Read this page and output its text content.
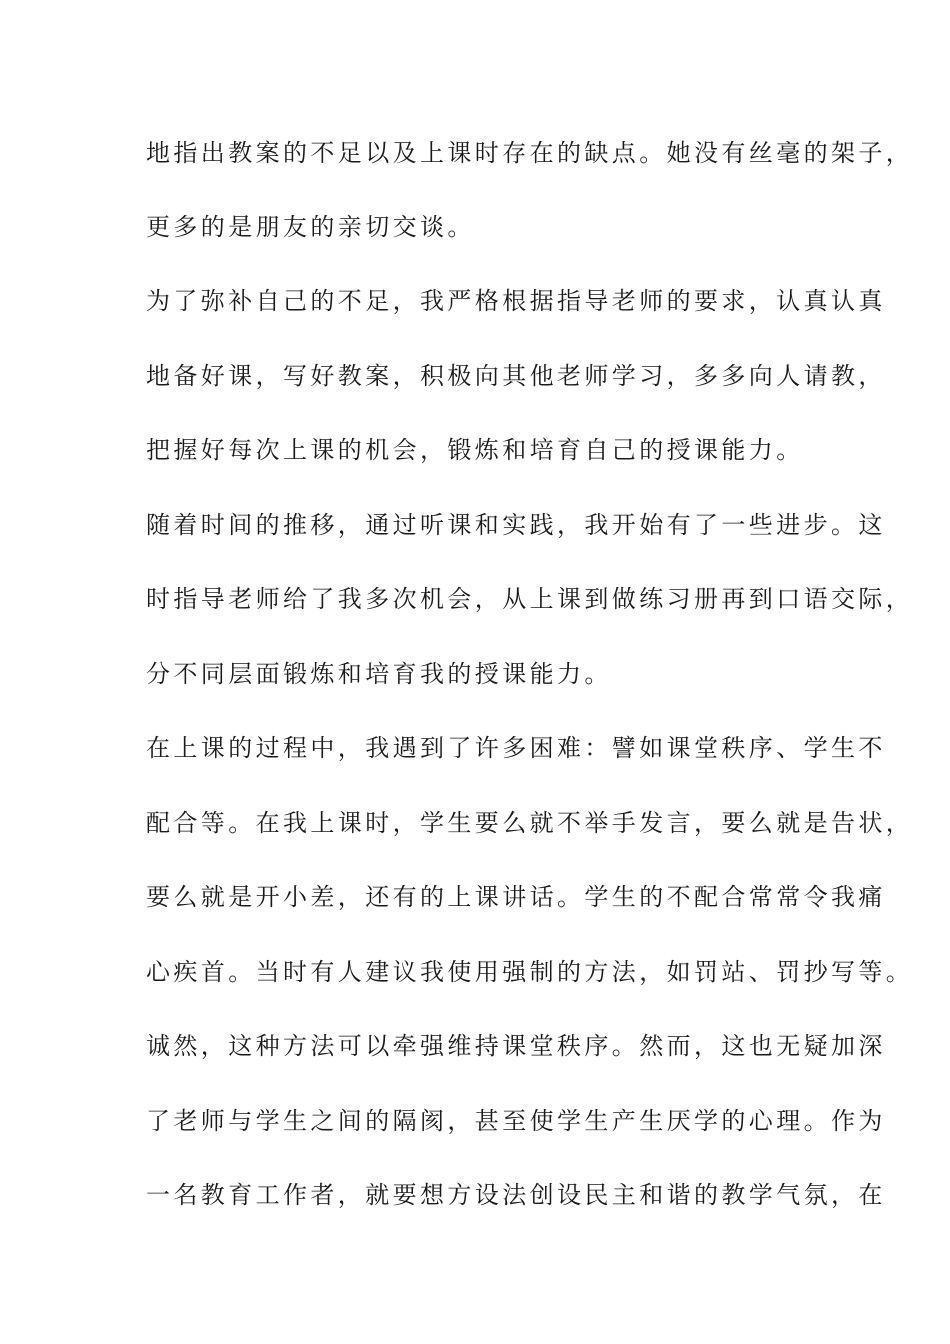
地指出教案的不足以及上课时存在的缺点。她没有丝毫的架子，
更多的是朋友的亲切交谈。
为了弥补自己的不足，我严格根据指导老师的要求，认真认真
地备好课，写好教案，积极向其他老师学习，多多向人请教，
把握好每次上课的机会，锻炼和培育自己的授课能力。
随着时间的推移，通过听课和实践，我开始有了一些进步。这
时指导老师给了我多次机会，从上课到做练习册再到口语交际，
分不同层面锻炼和培育我的授课能力。
在上课的过程中，我遇到了许多困难：譬如课堂秩序、学生不
配合等。在我上课时，学生要么就不举手发言，要么就是告状，
要么就是开小差，还有的上课讲话。学生的不配合常常令我痛
心疾首。当时有人建议我使用强制的方法，如罚站、罚抄写等。
诚然，这种方法可以牵强维持课堂秩序。然而，这也无疑加深
了老师与学生之间的隔阂，甚至使学生产生厌学的心理。作为
一名教育工作者，就要想方设法创设民主和谐的教学气氛，在
